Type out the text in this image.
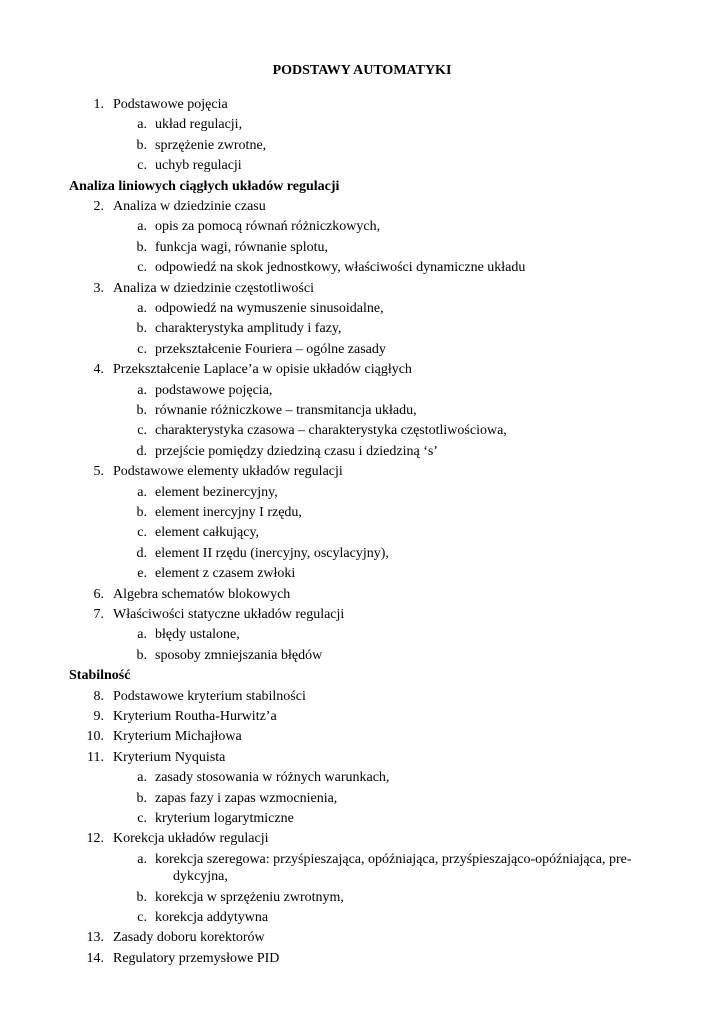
PODSTAWY AUTOMATYKI
1. Podstawowe pojęcia
a. układ regulacji,
b. sprzężenie zwrotne,
c. uchyb regulacji
Analiza liniowych ciągłych układów regulacji
2. Analiza w dziedzinie czasu
a. opis za pomocą równań różniczkowych,
b. funkcja wagi, równanie splotu,
c. odpowiedź na skok jednostkowy, właściwości dynamiczne układu
3. Analiza w dziedzinie częstotliwości
a. odpowiedź na wymuszenie sinusoidalne,
b. charakterystyka amplitudy i fazy,
c. przekształcenie Fouriera – ogólne zasady
4. Przekształcenie Laplace’a w opisie układów ciągłych
a. podstawowe pojęcia,
b. równanie różniczkowe – transmitancja układu,
c. charakterystyka czasowa – charakterystyka częstotliwościowa,
d. przejście pomiędzy dziedziną czasu i dziedziną ‘s’
5. Podstawowe elementy układów regulacji
a. element bezinercyjny,
b. element inercyjny I rzędu,
c. element całkujący,
d. element II rzędu (inercyjny, oscylacyjny),
e. element z czasem zwłoki
6. Algebra schematów blokowych
7. Właściwości statyczne układów regulacji
a. błędy ustalone,
b. sposoby zmniejszania błędów
Stabilność
8. Podstawowe kryterium stabilności
9. Kryterium Routha-Hurwitz’a
10. Kryterium Michajłowa
11. Kryterium Nyquista
a. zasady stosowania w różnych warunkach,
b. zapas fazy i zapas wzmocnienia,
c. kryterium logarytmiczne
12. Korekcja układów regulacji
a. korekcja szeregowa: przyśpieszająca, opóźniająca, przyśpieszająco-opóźniająca, pre-
dykcyjna,
b. korekcja w sprzężeniu zwrotnym,
c. korekcja addytywna
13. Zasady doboru korektorów
14. Regulatory przemysłowe PID
